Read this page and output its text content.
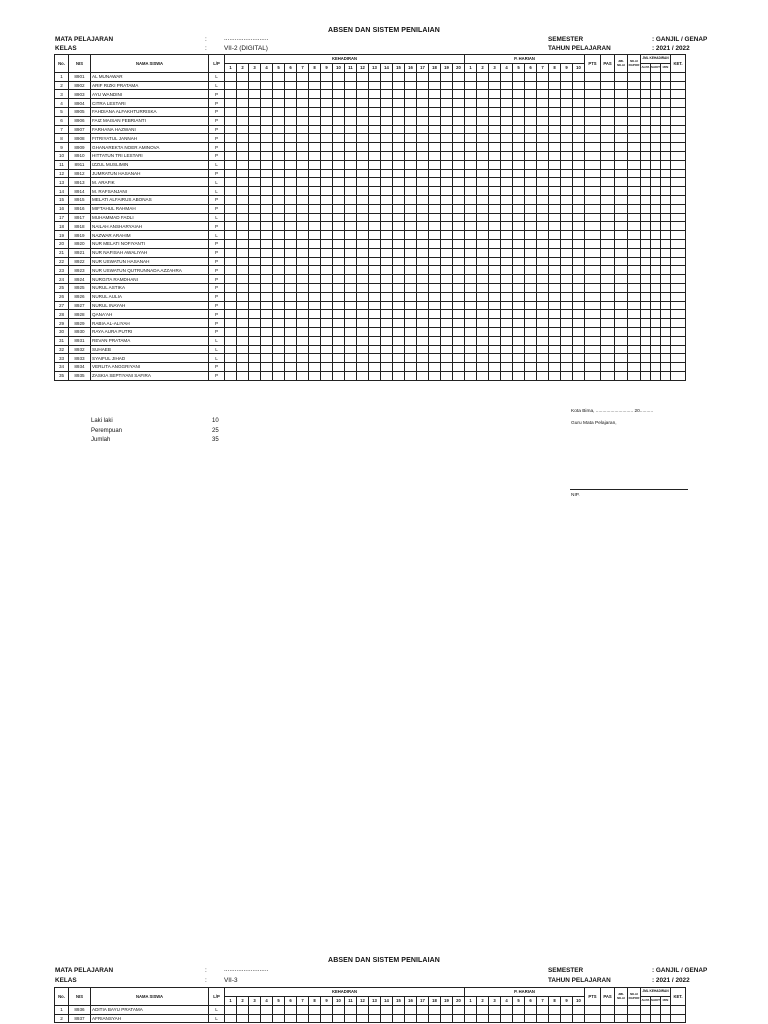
ABSEN DAN SISTEM PENILAIAN
MATA PELAJARAN	:	.........................
KELAS	:	VII-2 (DIGITAL)
SEMESTER	: GANJIL / GENAP
TAHUN PELAJARAN	: 2021 / 2022
No.	NIS	NAMA SISWA	L/P	KEHADIRAN																				P. HARIAN										PTS	PAS	JML NILAI	NILAI RAPOR	JML KEHADIRAN			KET.
				1	2	3	4	5	6	7	8	9	10	11	12	13	14	15	16	17	18	19	20	1	2	3	4	5	6	7	8	9	10					ALPA	SAKIT	IZIN	
1	8901	AL MUNAWAR	L																																						
2	8902	ARIF RIZKI PRATAMA	L																																						
3	8903	AYU WANDINI	P																																						
4	8904	CITRA LESTARI	P																																						
5	8905	FAHDIANA ALFAKHTURRISKA	P																																						
6	8906	FAIZ MAISAN FEBRIANTI	P																																						
7	8907	FARHANA HAZWANI	P																																						
8	8908	FITRIYATUL JANNAH	P																																						
9	8909	GHANAREKTA NOER AMINOVA	P																																						
10	8910	HITTATUN TRI LESTARI	P																																						
11	8911	IZZUL MUSLIMIN	L																																						
12	8912	JUMRATUN HASANAH	P																																						
13	8913	M. ARAFIK	L																																						
14	8914	M. RAFSANJANI	L																																						
15	8915	MELATI ALFAIRUS ABONAS	P																																						
16	8916	MIFTAHUL RAHMAH	P																																						
17	8917	MUHAMMAD FADLI	L																																						
18	8918	NAILAH ANSHARYAIAH	P																																						
19	8919	NAZWAR ARAHIM	L																																						
20	8920	NUR MELATI NOFIYANTI	P																																						
21	8921	NUR NAFISAH AWALIYAH	P																																						
22	8922	NUR USWATUN HASANAH	P																																						
23	8923	NUR USWATUN QUTRUNNADA AZZAHRA	P																																						
24	8924	NURGITA RAMDHANI	P																																						
25	8925	NURUL ASTIKA	P																																						
26	8926	NURUL AULIA	P																																						
27	8927	NURUL INAYAH	P																																						
28	8928	QANA'AH	P																																						
29	8929	RABIA AL-ALIYAH	P																																						
30	8930	RAYA AURA PUTRI	P																																						
31	8931	REVAN PRATAMA	L																																						
32	8932	SUHAEB	L																																						
33	8933	SYAIFUL JIHAD	L																																						
34	8934	VERLITA ANGGRIYANI	P																																						
35	8935	ZASKIA SEPTIYANI SAFIRA	P																																						
Laki laki	10
Perempuan	25
Jumlah	35
Kota Bima, ............................ 20..........
Guru Mata Pelajaran,
NIP.
ABSEN DAN SISTEM PENILAIAN
MATA PELAJARAN	:	.........................
KELAS	:	VII-3
SEMESTER	: GANJIL / GENAP
TAHUN PELAJARAN	: 2021 / 2022
No.	NIS	NAMA SISWA	L/P	KEHADIRAN																				P. HARIAN										PTS	PAS	JML NILAI	NILAI RAPOR	JML KEHADIRAN			KET.
				1	2	3	4	5	6	7	8	9	10	11	12	13	14	15	16	17	18	19	20	1	2	3	4	5	6	7	8	9	10					ALPA	SAKIT	IZIN	
1	8936	ADITIA BAYU PRATAMA	L																																						
2	8937	AFRIANSYAH	L																																						
